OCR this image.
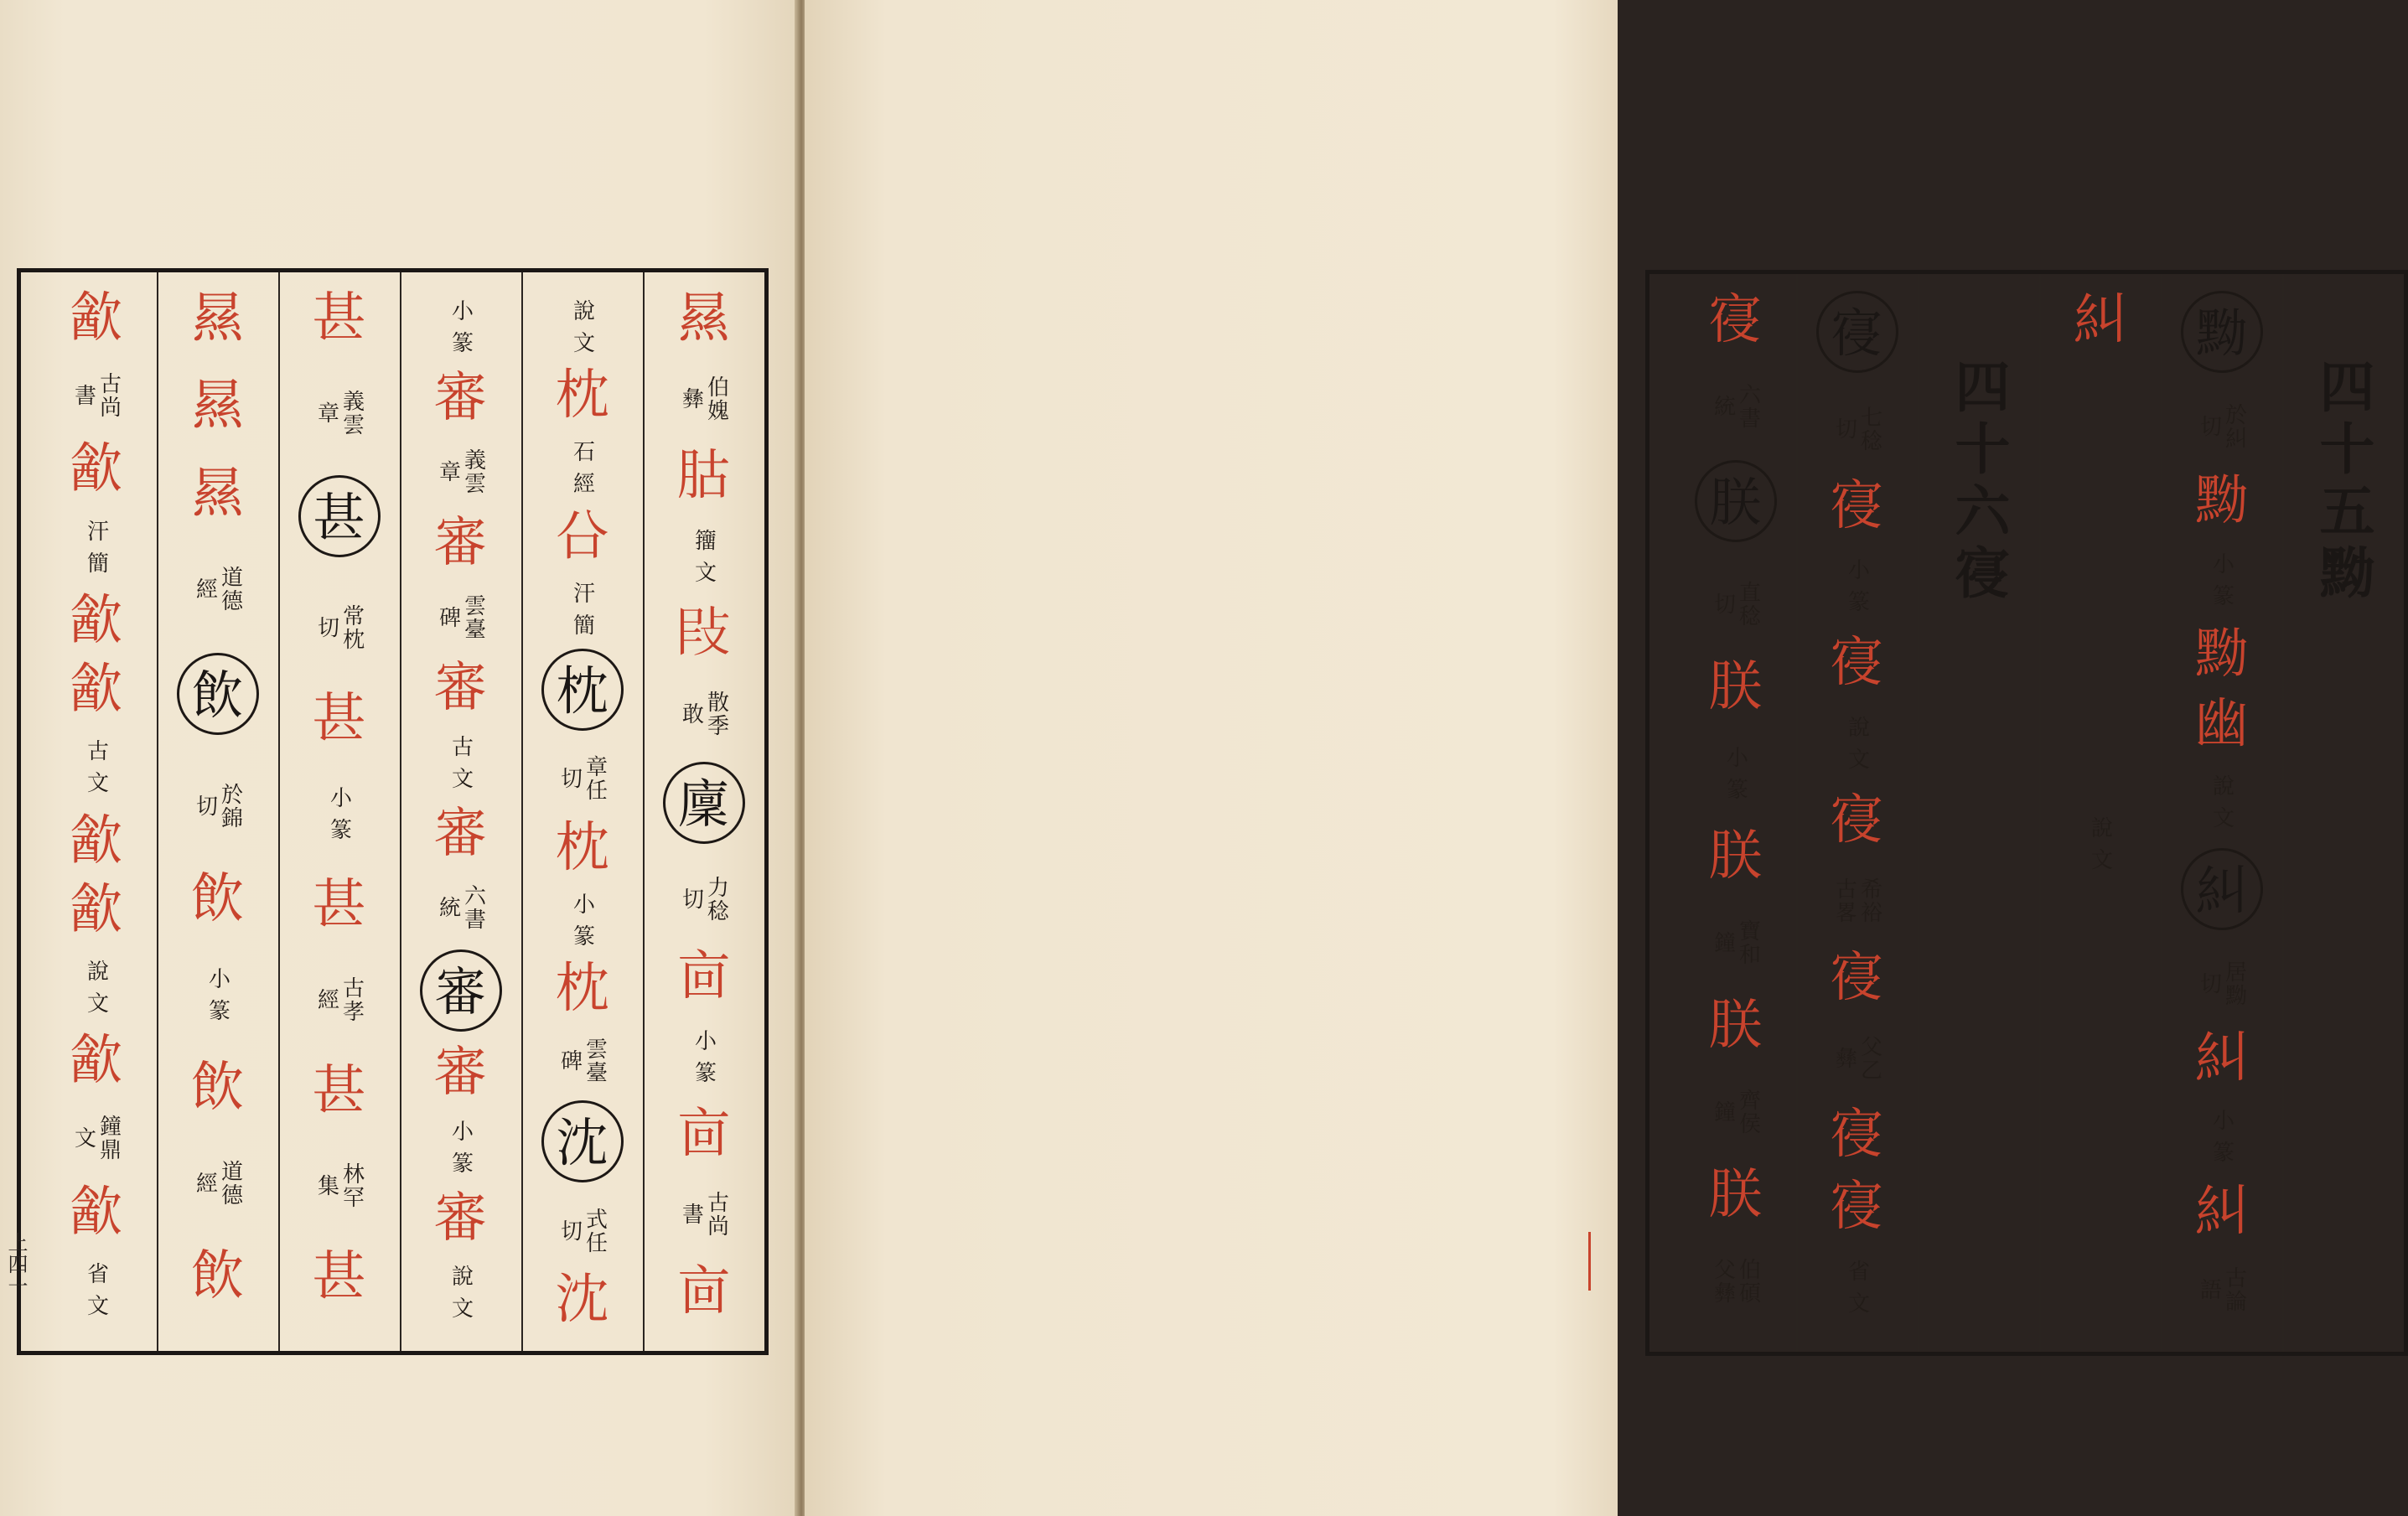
㬎
伯媿 彝
𦙶
籒 文
𢼖
散季 敢
廩
力稔 切
㐭
小 篆
㐭
古尚 書
㐭
說 文
枕
石 經
㕣
汗 簡
枕
章任 切
枕
小 篆
枕
雲臺 碑
沈
式任 切
沈
小 篆
審
義雲 章
審
雲臺 碑
審
古 文
審
六書 統
審
審
小 篆
審
說 文
甚
義雲 章
甚
常枕 切
甚
小 篆
甚
古孝 經
甚
林罕 集
甚
㬎
㬎
㬎
道德 經
飲
於錦 切
飲
小 篆
飲
道德 經
飲
㱃
古尚 書
㱃
汗 簡
㱃
㱃
古 文
㱃
㱃
說 文
㱃
鐘鼎 文
㱃
省 文
上四一
四十五黝
黝
於糾 切
黝
小 篆
黝
幽
說 文
糾
居黝 切
糾
小 篆
糾
古論 語
糾
說 文
四十六寑
寑
七稔 切
寑
小 篆
寑
說 文
寑
希裕 古畧
寑
父乙 彝
寑
寑
省 文
寑
六書 統
朕
直稔 切
朕
小 篆
朕
寶和 鐘
朕
齊侯 鐘
朕
伯碩 父彝
